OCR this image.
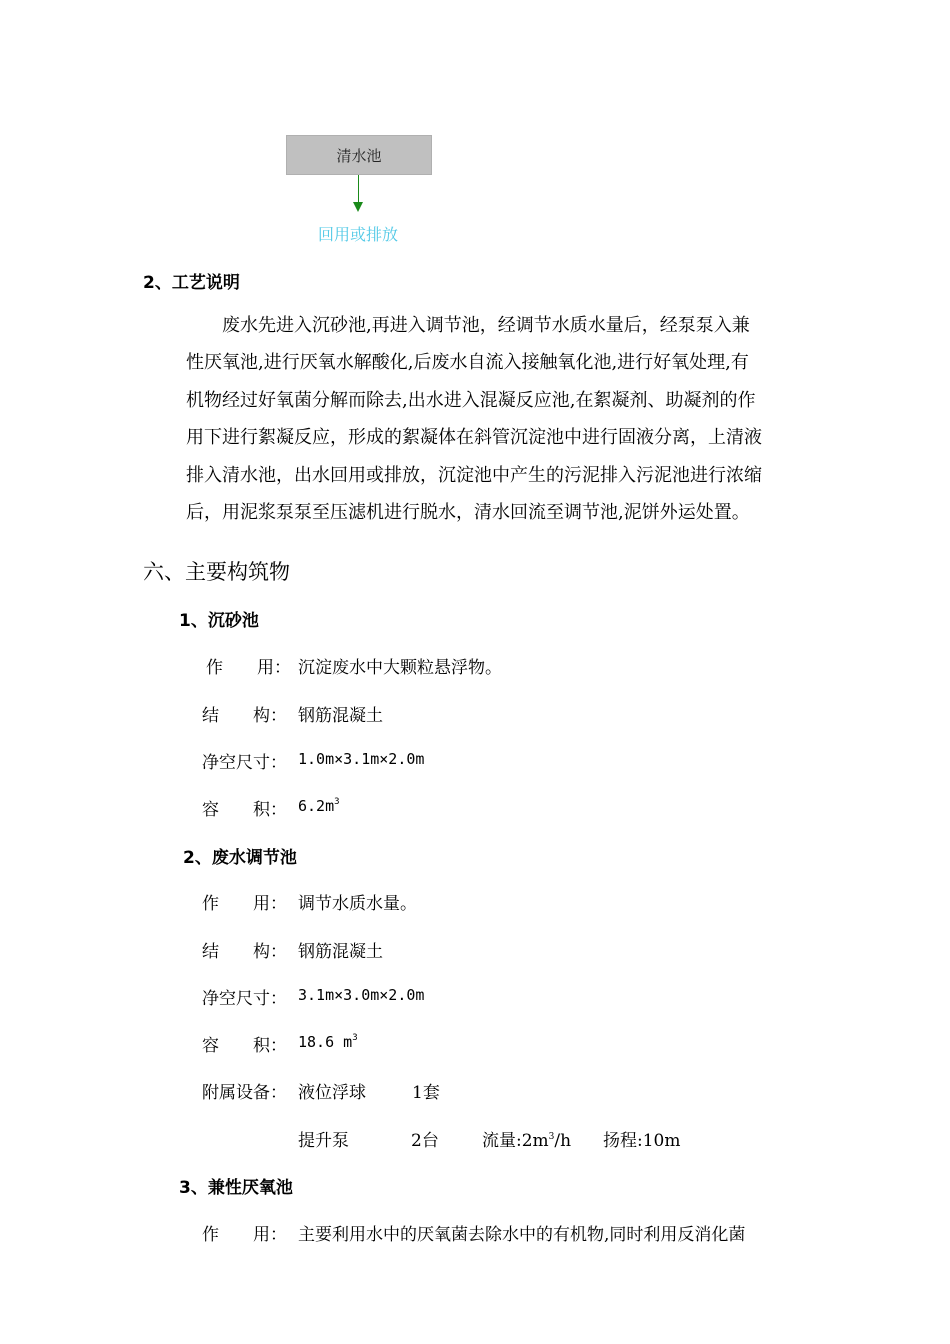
清水池
回用或排放
2、工艺说明
废水先进入沉砂池,再进入调节池，经调节水质水量后，经泵泵入兼
性厌氧池,进行厌氧水解酸化,后废水自流入接触氧化池,进行好氧处理,有
机物经过好氧菌分解而除去,出水进入混凝反应池,在絮凝剂、助凝剂的作
用下进行絮凝反应，形成的絮凝体在斜管沉淀池中进行固液分离，上清液
排入清水池，出水回用或排放，沉淀池中产生的污泥排入污泥池进行浓缩
后，用泥浆泵泵至压滤机进行脱水，清水回流至调节池,泥饼外运处置。
六、主要构筑物
1、沉砂池
作　　用： 沉淀废水中大颗粒悬浮物。
结　　构： 钢筋混凝土
净空尺寸： 1.0m×3.1m×2.0m
容　　积： $6.2m^3$
2、废水调节池
作　　用： 调节水质水量。
结　　构： 钢筋混凝土
净空尺寸： 3.1m×3.0m×2.0m
容　　积： 18.6 $m^3$
附属设备： 液位浮球	1套
提升泵	2台	流量$:2m^3/h$ 扬程:10m
3、兼性厌氧池
作　　用： 主要利用水中的厌氧菌去除水中的有机物,同时利用反消化菌
